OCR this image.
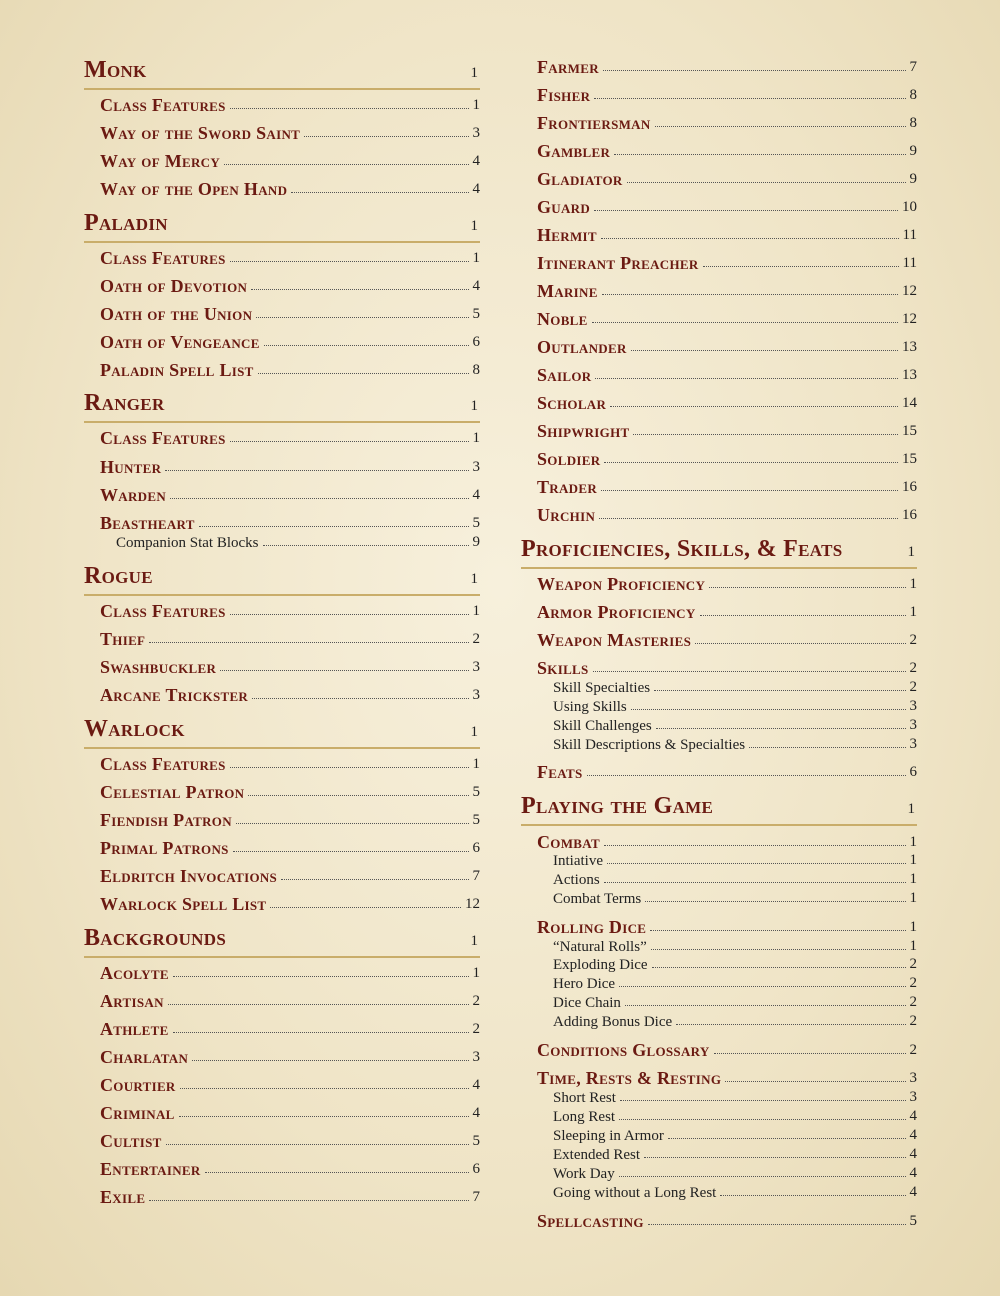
Monk	1
Class Features	1
Way of the Sword Saint	3
Way of Mercy	4
Way of the Open Hand	4
Paladin	1
Class Features	1
Oath of Devotion	4
Oath of the Union	5
Oath of Vengeance	6
Paladin Spell List	8
Ranger	1
Class Features	1
Hunter	3
Warden	4
Beastheart	5
Companion Stat Blocks	9
Rogue	1
Class Features	1
Thief	2
Swashbuckler	3
Arcane Trickster	3
Warlock	1
Class Features	1
Celestial Patron	5
Fiendish Patron	5
Primal Patrons	6
Eldritch Invocations	7
Warlock Spell List	12
Backgrounds	1
Acolyte	1
Artisan	2
Athlete	2
Charlatan	3
Courtier	4
Criminal	4
Cultist	5
Entertainer	6
Exile	7
Farmer	7
Fisher	8
Frontiersman	8
Gambler	9
Gladiator	9
Guard	10
Hermit	11
Itinerant Preacher	11
Marine	12
Noble	12
Outlander	13
Sailor	13
Scholar	14
Shipwright	15
Soldier	15
Trader	16
Urchin	16
Proficiencies, Skills, & Feats	1
Weapon Proficiency	1
Armor Proficiency	1
Weapon Masteries	2
Skills	2
Skill Specialties	2
Using Skills	3
Skill Challenges	3
Skill Descriptions & Specialties	3
Feats	6
Playing the Game	1
Combat	1
Intiative	1
Actions	1
Combat Terms	1
Rolling Dice	1
“Natural Rolls”	1
Exploding Dice	2
Hero Dice	2
Dice Chain	2
Adding Bonus Dice	2
Conditions Glossary	2
Time, Rests & Resting	3
Short Rest	3
Long Rest	4
Sleeping in Armor	4
Extended Rest	4
Work Day	4
Going without a Long Rest	4
Spellcasting	5
